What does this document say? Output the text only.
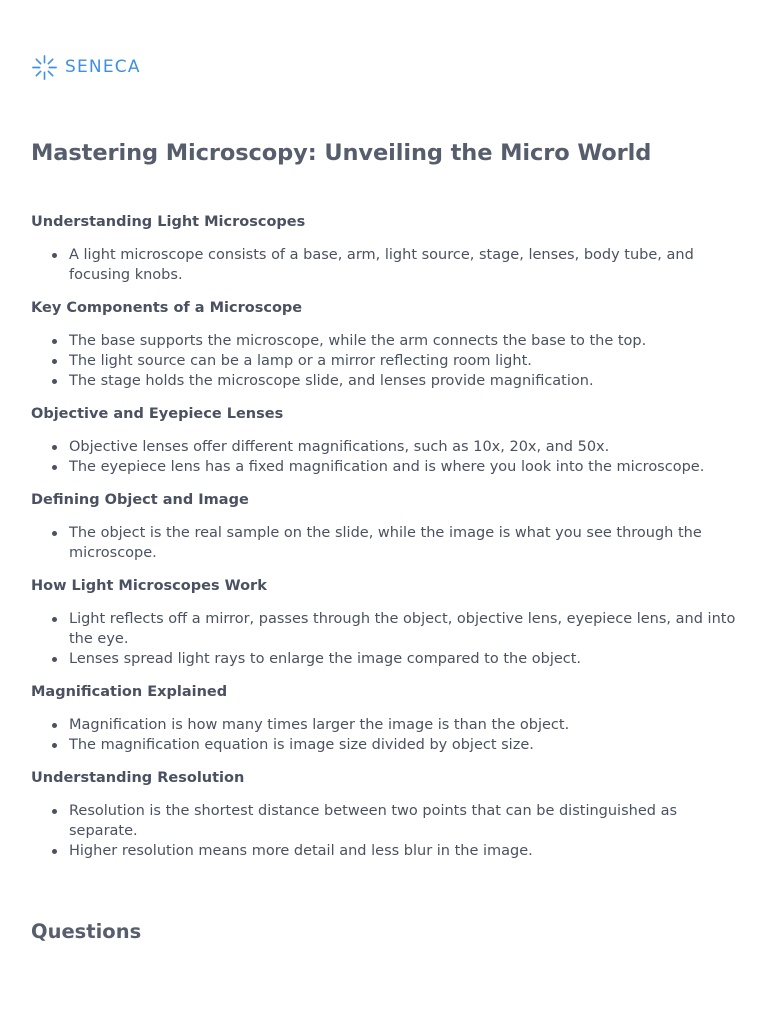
SENECA
Mastering Microscopy: Unveiling the Micro World
Understanding Light Microscopes
A light microscope consists of a base, arm, light source, stage, lenses, body tube, and focusing knobs.
Key Components of a Microscope
The base supports the microscope, while the arm connects the base to the top.
The light source can be a lamp or a mirror reflecting room light.
The stage holds the microscope slide, and lenses provide magnification.
Objective and Eyepiece Lenses
Objective lenses offer different magnifications, such as 10x, 20x, and 50x.
The eyepiece lens has a fixed magnification and is where you look into the microscope.
Defining Object and Image
The object is the real sample on the slide, while the image is what you see through the microscope.
How Light Microscopes Work
Light reflects off a mirror, passes through the object, objective lens, eyepiece lens, and into the eye.
Lenses spread light rays to enlarge the image compared to the object.
Magnification Explained
Magnification is how many times larger the image is than the object.
The magnification equation is image size divided by object size.
Understanding Resolution
Resolution is the shortest distance between two points that can be distinguished as separate.
Higher resolution means more detail and less blur in the image.
Questions
